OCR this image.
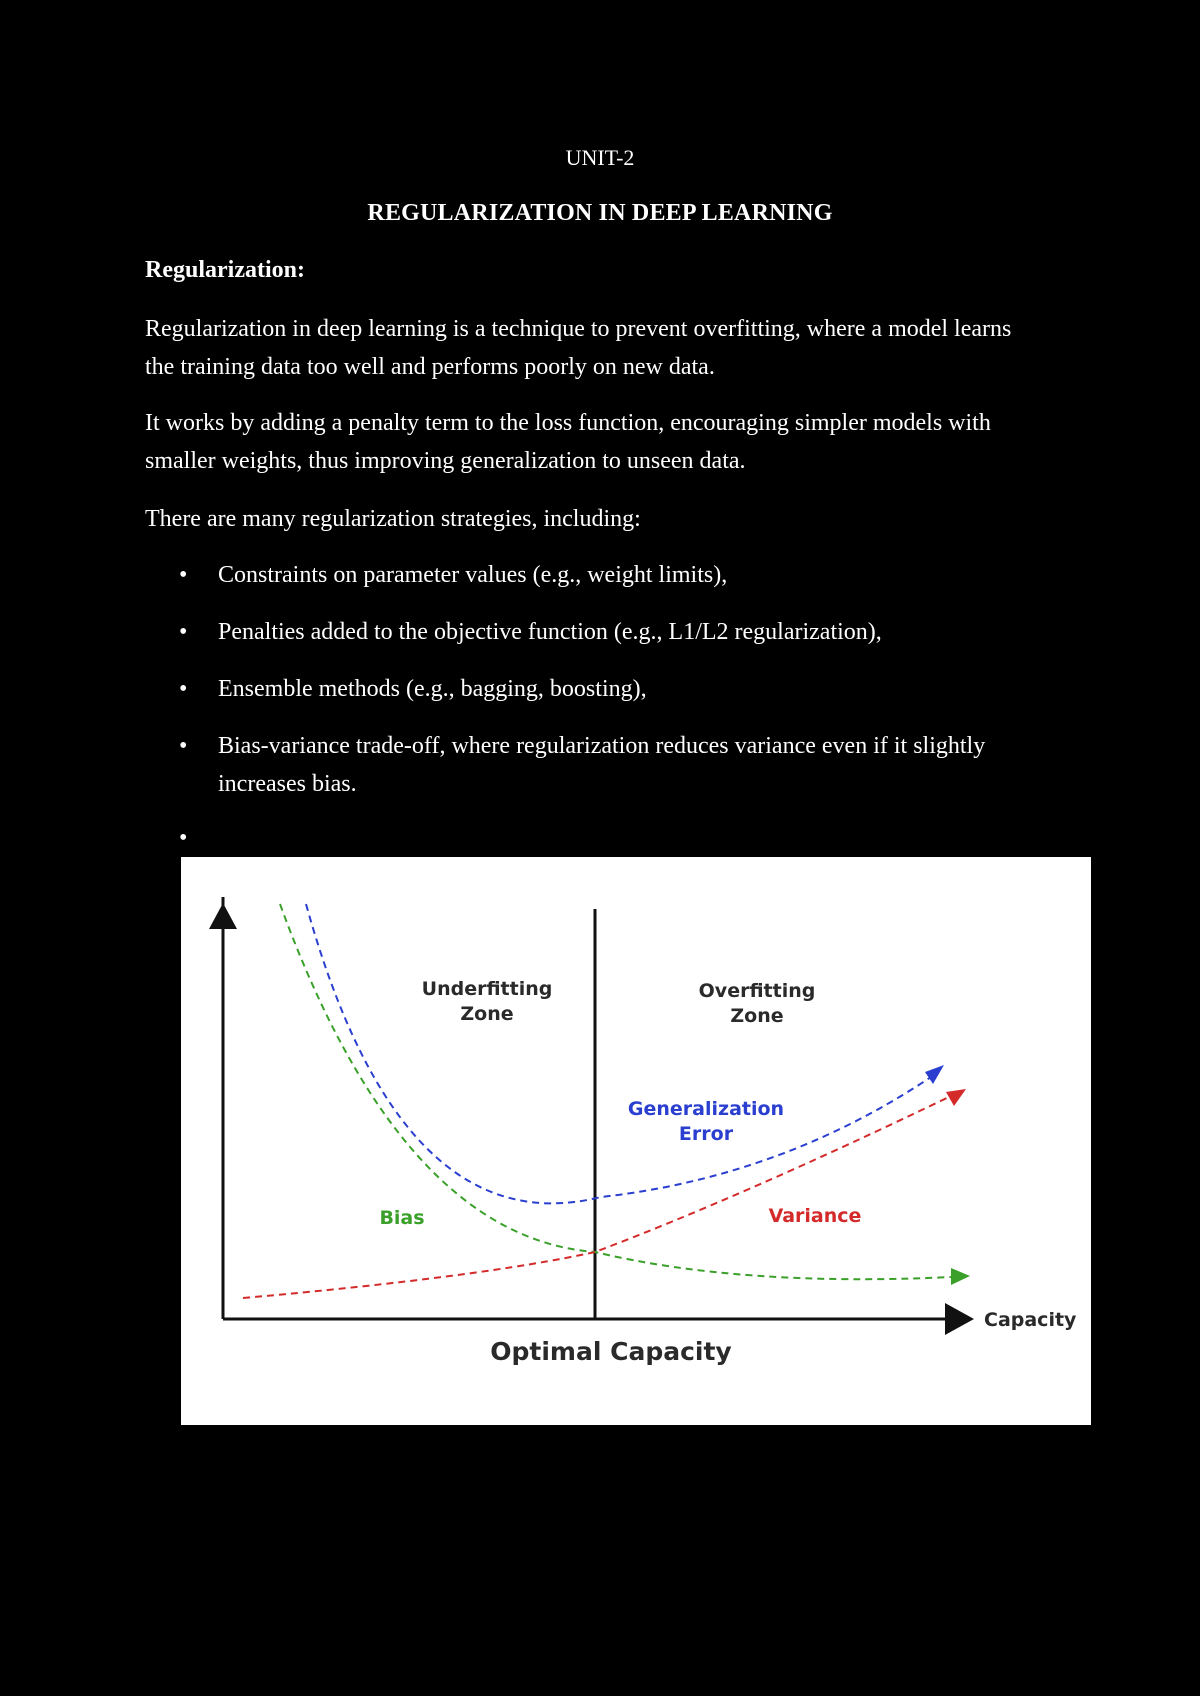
UNIT-2
REGULARIZATION IN DEEP LEARNING
Regularization:

Regularization in deep learning is a technique to prevent overfitting, where a model learns the training data too well and performs poorly on new data.

It works by adding a penalty term to the loss function, encouraging simpler models with smaller weights, thus improving generalization to unseen data.

There are many regularization strategies, including:

• Constraints on parameter values (e.g., weight limits),
• Penalties added to the objective function (e.g., L1/L2 regularization),
• Ensemble methods (e.g., bagging, boosting),
• Bias-variance trade-off, where regularization reduces variance even if it slightly increases bias.
•
Underfitting
Zone
Overfitting
Zone
Generalization
Error
Bias	Variance
Capacity
Optimal Capacity
